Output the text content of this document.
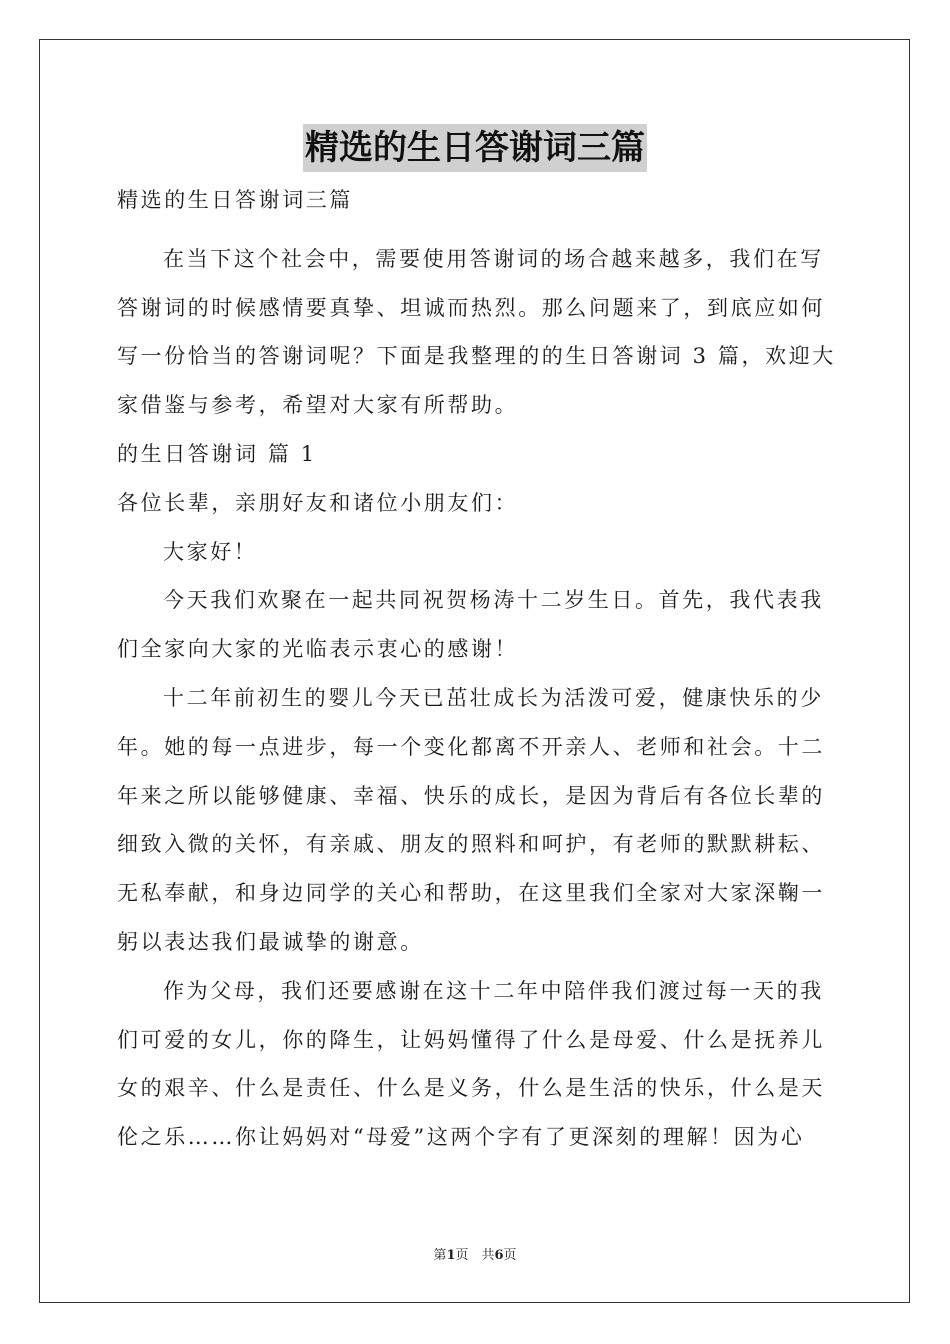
精选的生日答谢词三篇
精选的生日答谢词三篇
在当下这个社会中，需要使用答谢词的场合越来越多，我们在写
答谢词的时候感情要真挚、坦诚而热烈。那么问题来了，到底应如何
写一份恰当的答谢词呢？下面是我整理的的生日答谢词 3 篇，欢迎大
家借鉴与参考，希望对大家有所帮助。
的生日答谢词 篇 1
各位长辈，亲朋好友和诸位小朋友们：
大家好！
今天我们欢聚在一起共同祝贺杨涛十二岁生日。首先，我代表我
们全家向大家的光临表示衷心的感谢！
十二年前初生的婴儿今天已茁壮成长为活泼可爱，健康快乐的少
年。她的每一点进步，每一个变化都离不开亲人、老师和社会。十二
年来之所以能够健康、幸福、快乐的成长，是因为背后有各位长辈的
细致入微的关怀，有亲戚、朋友的照料和呵护，有老师的默默耕耘、
无私奉献，和身边同学的关心和帮助，在这里我们全家对大家深鞠一
躬以表达我们最诚挚的谢意。
作为父母，我们还要感谢在这十二年中陪伴我们渡过每一天的我
们可爱的女儿，你的降生，让妈妈懂得了什么是母爱、什么是抚养儿
女的艰辛、什么是责任、什么是义务，什么是生活的快乐，什么是天
伦之乐……你让妈妈对“母爱”这两个字有了更深刻的理解！因为心
第1页　共6页
